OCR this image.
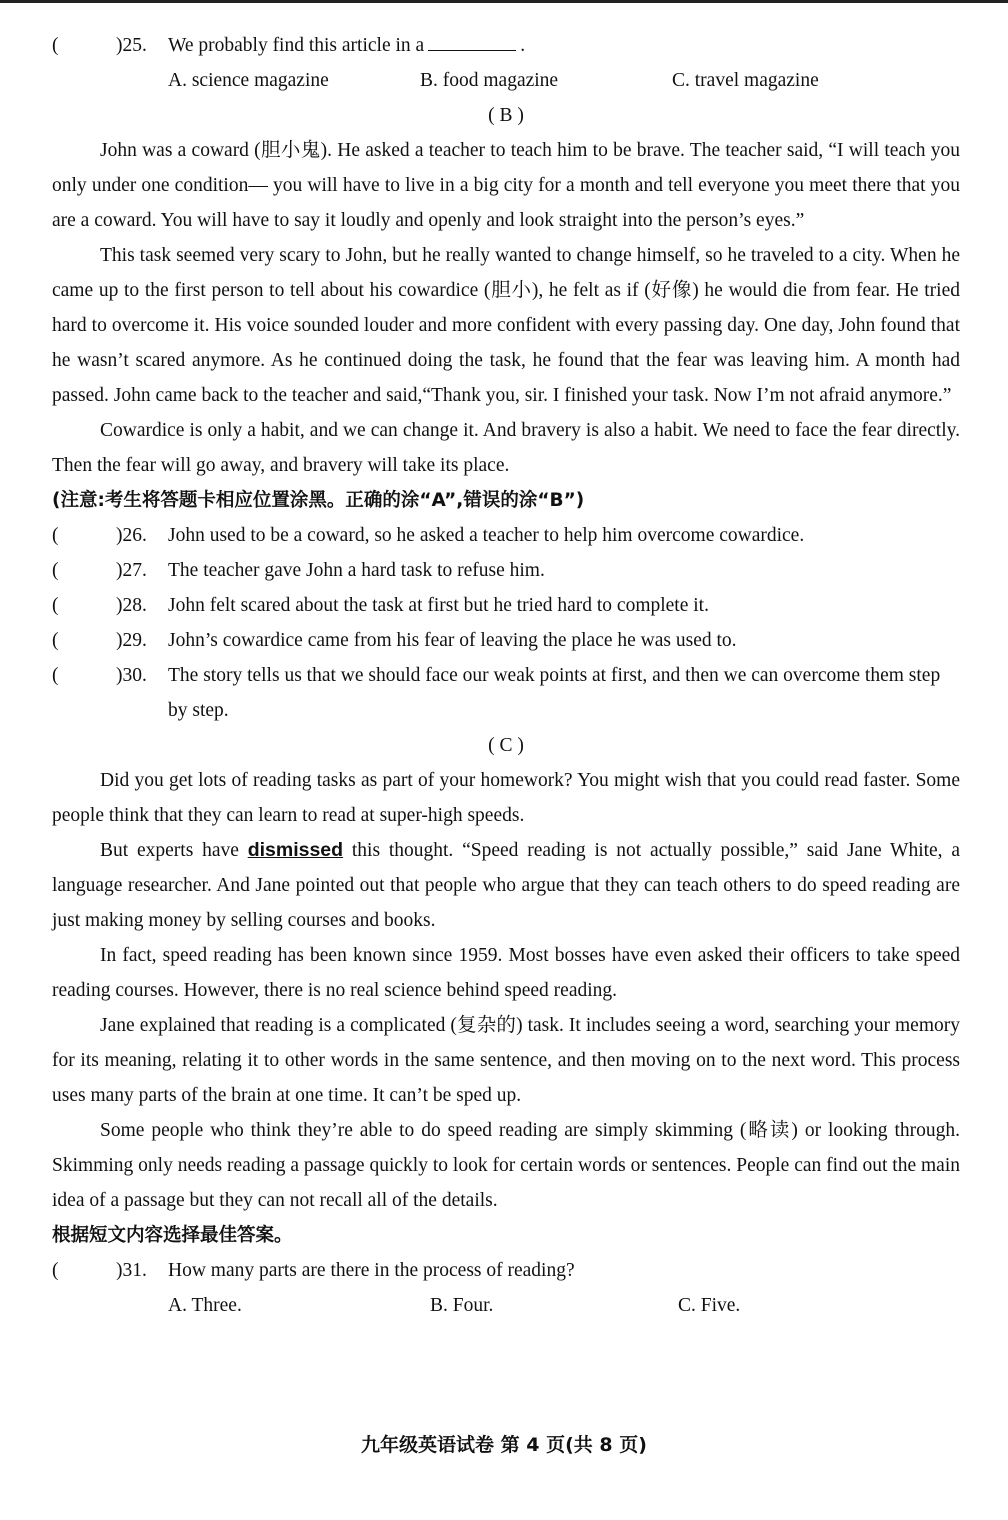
(	)25.	We probably find this article in a	.
A. science magazine	B. food magazine	C. travel magazine
( B )
John was a coward (胆小鬼). He asked a teacher to teach him to be brave. The teacher said, “I will teach you only under one condition— you will have to live in a big city for a month and tell everyone you meet there that you are a coward. You will have to say it loudly and openly and look straight into the person’s eyes.”
This task seemed very scary to John, but he really wanted to change himself, so he traveled to a city. When he came up to the first person to tell about his cowardice (胆小), he felt as if (好像) he would die from fear. He tried hard to overcome it. His voice sounded louder and more confident with every passing day. One day, John found that he wasn’t scared anymore. As he continued doing the task, he found that the fear was leaving him. A month had passed. John came back to the teacher and said,“Thank you, sir. I finished your task. Now I’m not afraid anymore.”
Cowardice is only a habit, and we can change it. And bravery is also a habit. We need to face the fear directly. Then the fear will go away, and bravery will take its place.
(注意:考生将答题卡相应位置涂黑。正确的涂“A”,错误的涂“B”)
(	)26.	John used to be a coward, so he asked a teacher to help him overcome cowardice.
(	)27.	The teacher gave John a hard task to refuse him.
(	)28.	John felt scared about the task at first but he tried hard to complete it.
(	)29.	John’s cowardice came from his fear of leaving the place he was used to.
(	)30.	The story tells us that we should face our weak points at first, and then we can overcome them step by step.
( C )
Did you get lots of reading tasks as part of your homework? You might wish that you could read faster. Some people think that they can learn to read at super-high speeds.
But experts have dismissed this thought. “Speed reading is not actually possible,” said Jane White, a language researcher. And Jane pointed out that people who argue that they can teach others to do speed reading are just making money by selling courses and books.
In fact, speed reading has been known since 1959. Most bosses have even asked their officers to take speed reading courses. However, there is no real science behind speed reading.
Jane explained that reading is a complicated (复杂的) task. It includes seeing a word, searching your memory for its meaning, relating it to other words in the same sentence, and then moving on to the next word. This process uses many parts of the brain at one time. It can’t be sped up.
Some people who think they’re able to do speed reading are simply skimming (略读) or looking through. Skimming only needs reading a passage quickly to look for certain words or sentences. People can find out the main idea of a passage but they can not recall all of the details.
根据短文内容选择最佳答案。
(	)31.	How many parts are there in the process of reading?
A. Three.	B. Four.	C. Five.
九年级英语试卷 第 4 页(共 8 页)
